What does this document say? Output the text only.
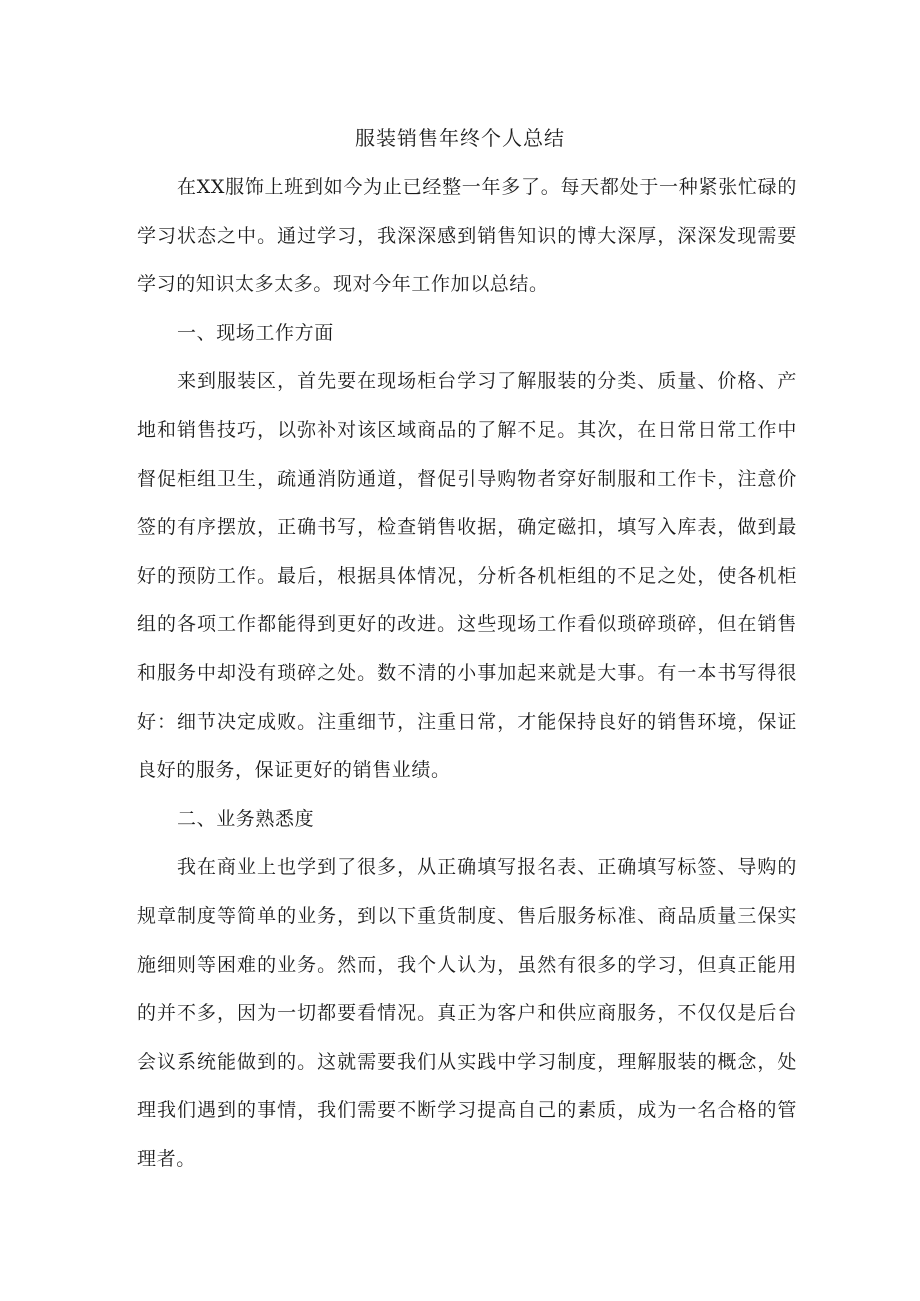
服装销售年终个人总结

在XX服饰上班到如今为止已经整一年多了。每天都处于一种紧张忙碌的学习状态之中。通过学习，我深深感到销售知识的博大深厚，深深发现需要学习的知识太多太多。现对今年工作加以总结。

一、现场工作方面

来到服装区，首先要在现场柜台学习了解服装的分类、质量、价格、产地和销售技巧，以弥补对该区域商品的了解不足。其次，在日常日常工作中督促柜组卫生，疏通消防通道，督促引导购物者穿好制服和工作卡，注意价签的有序摆放，正确书写，检查销售收据，确定磁扣，填写入库表，做到最好的预防工作。最后，根据具体情况，分析各机柜组的不足之处，使各机柜组的各项工作都能得到更好的改进。这些现场工作看似琐碎琐碎，但在销售和服务中却没有琐碎之处。数不清的小事加起来就是大事。有一本书写得很好：细节决定成败。注重细节，注重日常，才能保持良好的销售环境，保证良好的服务，保证更好的销售业绩。

二、业务熟悉度

我在商业上也学到了很多，从正确填写报名表、正确填写标签、导购的规章制度等简单的业务，到以下重货制度、售后服务标准、商品质量三保实施细则等困难的业务。然而，我个人认为，虽然有很多的学习，但真正能用的并不多，因为一切都要看情况。真正为客户和供应商服务，不仅仅是后台会议系统能做到的。这就需要我们从实践中学习制度，理解服装的概念，处理我们遇到的事情，我们需要不断学习提高自己的素质，成为一名合格的管理者。
